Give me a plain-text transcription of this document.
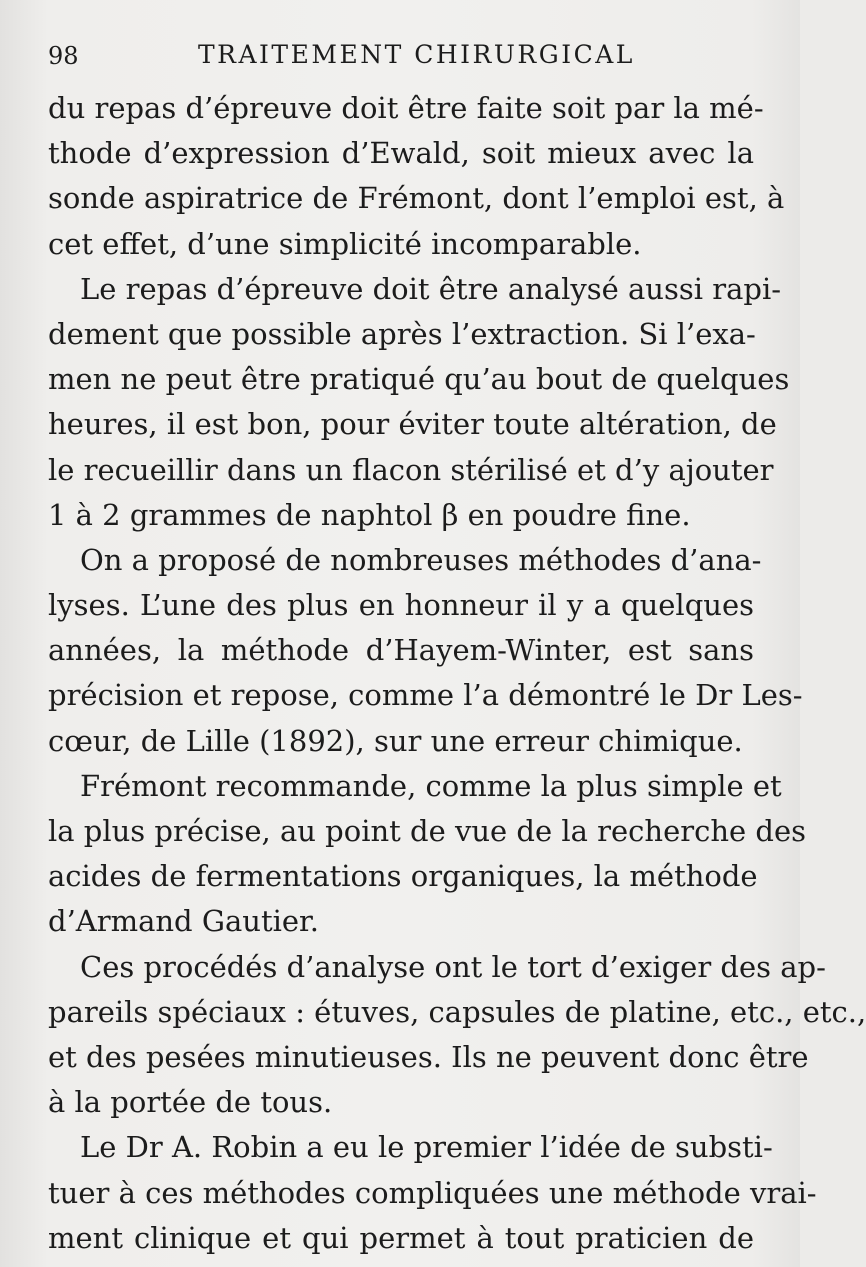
98	TRAITEMENT CHIRURGICAL
du repas d’épreuve doit être faite soit par la mé-
thode d’expression d’Ewald, soit mieux avec la
sonde aspiratrice de Frémont, dont l’emploi est, à
cet effet, d’une simplicité incomparable.
Le repas d’épreuve doit être analysé aussi rapi-
dement que possible après l’extraction. Si l’exa-
men ne peut être pratiqué qu’au bout de quelques
heures, il est bon, pour éviter toute altération, de
le recueillir dans un flacon stérilisé et d’y ajouter
1 à 2 grammes de naphtol β en poudre fine.
On a proposé de nombreuses méthodes d’ana-
lyses. L’une des plus en honneur il y a quelques
années, la méthode d’Hayem-Winter, est sans
précision et repose, comme l’a démontré le Dr Les-
cœur, de Lille (1892), sur une erreur chimique.
Frémont recommande, comme la plus simple et
la plus précise, au point de vue de la recherche des
acides de fermentations organiques, la méthode
d’Armand Gautier.
Ces procédés d’analyse ont le tort d’exiger des ap-
pareils spéciaux : étuves, capsules de platine, etc., etc.,
et des pesées minutieuses. Ils ne peuvent donc être
à la portée de tous.
Le Dr A. Robin a eu le premier l’idée de substi-
tuer à ces méthodes compliquées une méthode vrai-
ment clinique et qui permet à tout praticien de
